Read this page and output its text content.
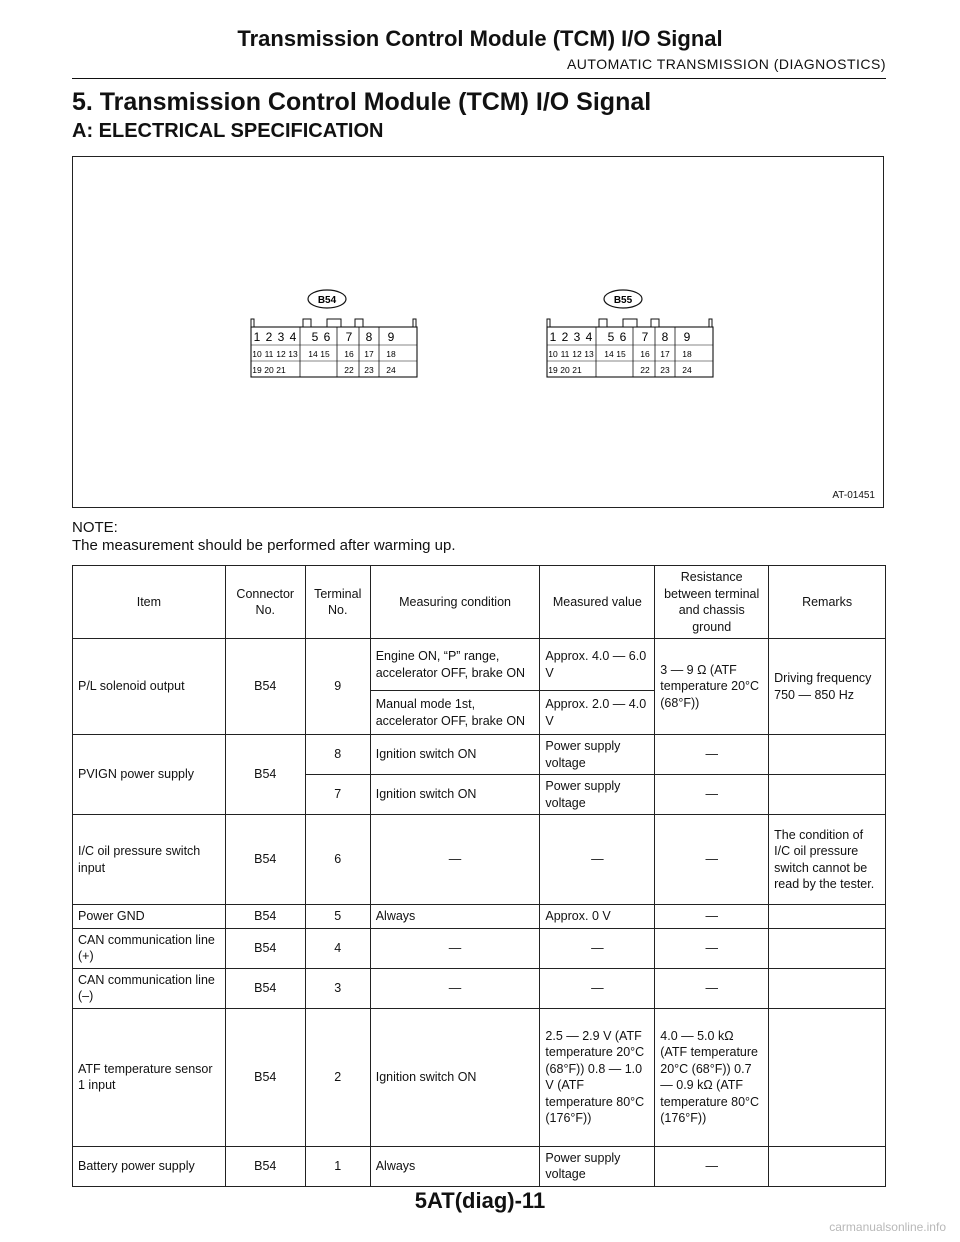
Transmission Control Module (TCM) I/O Signal
AUTOMATIC TRANSMISSION (DIAGNOSTICS)
5. Transmission Control Module (TCM) I/O Signal
A: ELECTRICAL SPECIFICATION
B54
1 2 3 4 5 6 7 8 9
10 11 12 13 14 15 16 17 18
19 20 21	22 23 24
B55
1 2 3 4 5 6 7 8 9
10 11 12 13 14 15 16 17 18
19 20 21	22 23 24
AT-01451
NOTE:
The measurement should be performed after warming up.
Item	Connector No.	Terminal No.	Measuring condition	Measured value	Resistance between terminal and chassis ground	Remarks
P/L solenoid output	B54	9	Engine ON, “P” range, accelerator OFF, brake ON	Approx. 4.0 — 6.0 V	3 — 9 Ω (ATF temperature 20°C (68°F))	Driving frequency 750 — 850 Hz
			Manual mode 1st, accelerator OFF, brake ON	Approx. 2.0 — 4.0 V		
PVIGN power supply	B54	8	Ignition switch ON	Power supply voltage	—	
		7	Ignition switch ON	Power supply voltage	—	
I/C oil pressure switch input	B54	6	—	—	—	The condition of I/C oil pressure switch cannot be read by the tester.
Power GND	B54	5	Always	Approx. 0 V	—	
CAN communication line (+)	B54	4	—	—	—	
CAN communication line (–)	B54	3	—	—	—	
ATF temperature sensor 1 input	B54	2	Ignition switch ON	2.5 — 2.9 V (ATF temperature 20°C (68°F)) 0.8 — 1.0 V (ATF temperature 80°C (176°F))	4.0 — 5.0 kΩ (ATF temperature 20°C (68°F)) 0.7 — 0.9 kΩ (ATF temperature 80°C (176°F))	
Battery power supply	B54	1	Always	Power supply voltage	—	
5AT(diag)-11
carmanualsonline.info
